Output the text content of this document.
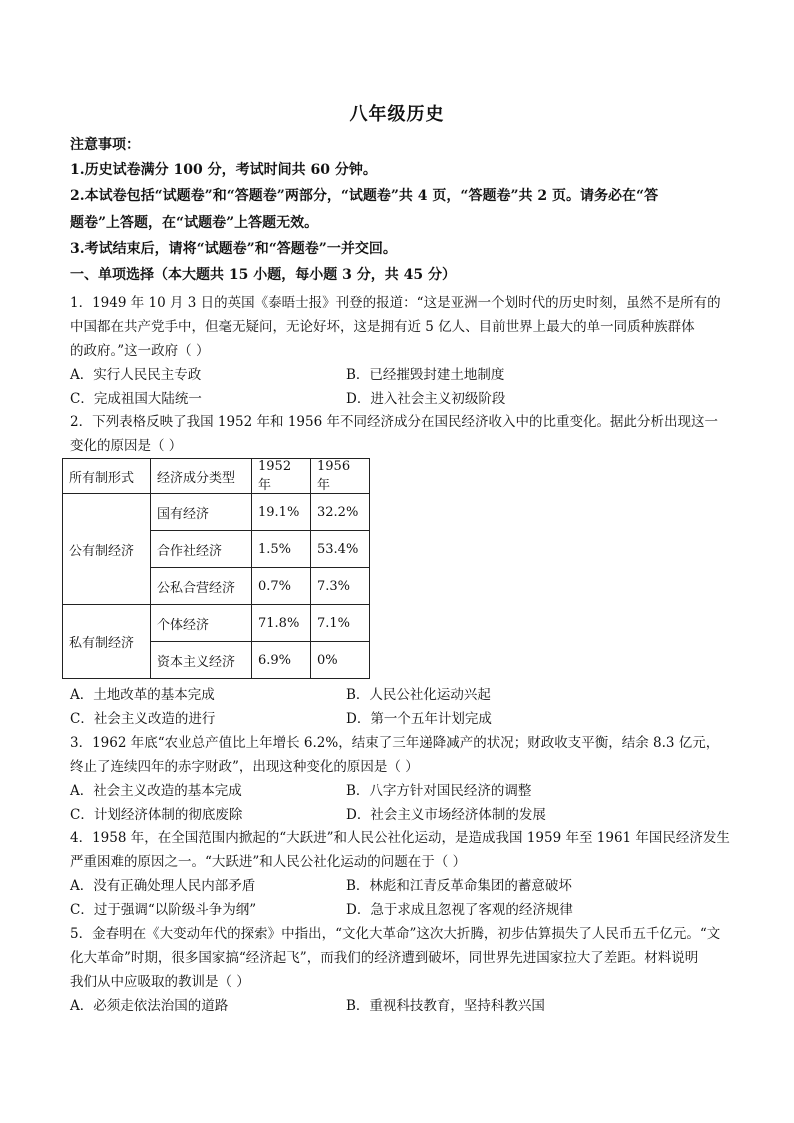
八年级历史
注意事项：
1.历史试卷满分 100 分，考试时间共 60 分钟。
2.本试卷包括“试题卷”和“答题卷”两部分，“试题卷”共 4 页，“答题卷”共 2 页。请务必在“答
题卷”上答题，在“试题卷”上答题无效。
3.考试结束后，请将“试题卷”和“答题卷”一并交回。
一、单项选择（本大题共 15 小题，每小题 3 分，共 45 分）
1．1949 年 10 月 3 日的英国《泰晤士报》刊登的报道：“这是亚洲一个划时代的历史时刻，虽然不是所有的
中国都在共产党手中，但毫无疑问，无论好坏，这是拥有近 5 亿人、目前世界上最大的单一同质种族群体
的政府。”这一政府（ ）
A．实行人民民主专政	B．已经摧毁封建土地制度
C．完成祖国大陆统一	D．进入社会主义初级阶段
2．下列表格反映了我国 1952 年和 1956 年不同经济成分在国民经济收入中的比重变化。据此分析出现这一
变化的原因是（ ）
所有制形式	经济成分类型	1952 年	1956 年
公有制经济	国有经济	19.1%	32.2%
	合作社经济	1.5%	53.4%
	公私合营经济	0.7%	7.3%
私有制经济	个体经济	71.8%	7.1%
	资本主义经济	6.9%	0%
A．土地改革的基本完成	B．人民公社化运动兴起
C．社会主义改造的进行	D．第一个五年计划完成
3．1962 年底“农业总产值比上年增长 6.2%，结束了三年递降减产的状况；财政收支平衡，结余 8.3 亿元，
终止了连续四年的赤字财政”，出现这种变化的原因是（ ）
A．社会主义改造的基本完成	B．八字方针对国民经济的调整
C．计划经济体制的彻底废除	D．社会主义市场经济体制的发展
4．1958 年，在全国范围内掀起的“大跃进”和人民公社化运动，是造成我国 1959 年至 1961 年国民经济发生
严重困难的原因之一。“大跃进”和人民公社化运动的问题在于（ ）
A．没有正确处理人民内部矛盾	B．林彪和江青反革命集团的蓄意破坏
C．过于强调“以阶级斗争为纲”	D．急于求成且忽视了客观的经济规律
5．金春明在《大变动年代的探索》中指出，“文化大革命”这次大折腾，初步估算损失了人民币五千亿元。“文
化大革命”时期，很多国家搞“经济起飞”，而我们的经济遭到破坏，同世界先进国家拉大了差距。材料说明
我们从中应吸取的教训是（ ）
A．必须走依法治国的道路	B．重视科技教育，坚持科教兴国
